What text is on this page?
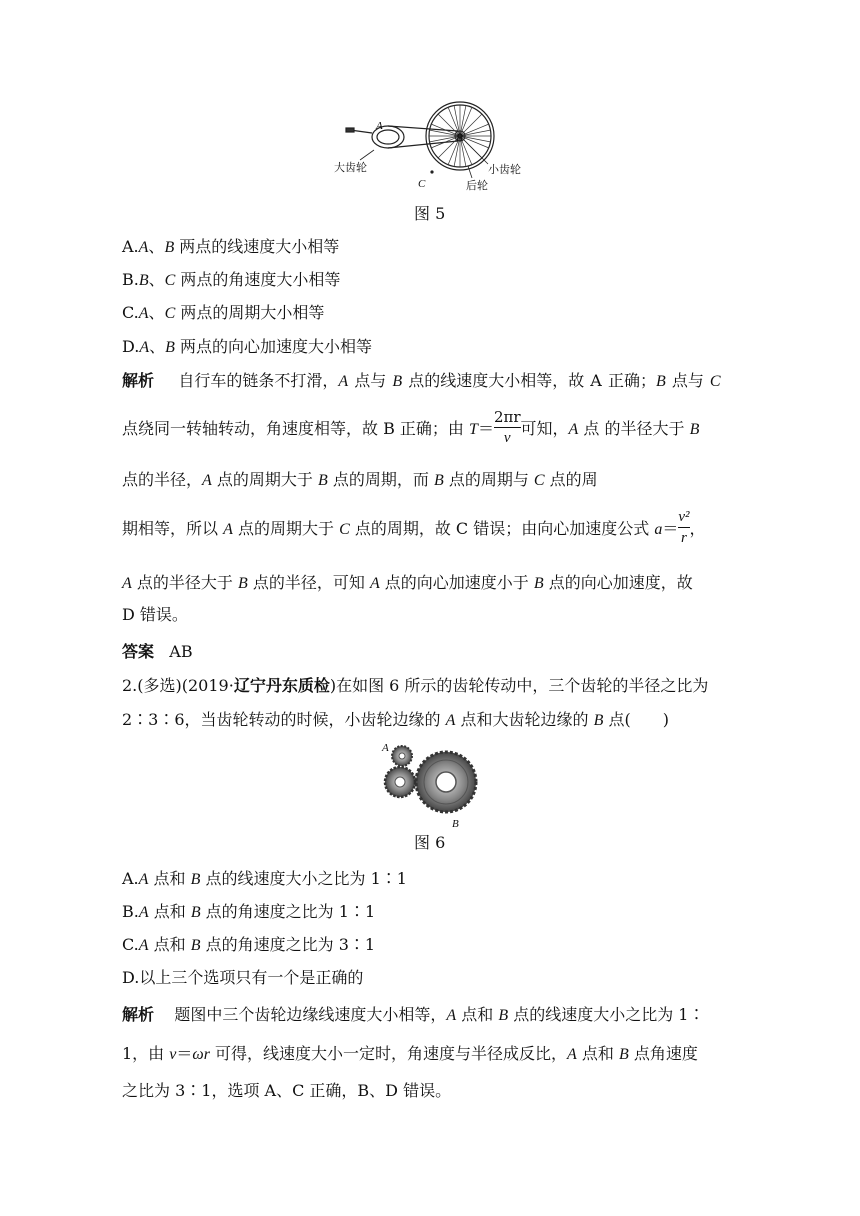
A
B
C
大齿轮	小齿轮
后轮
图 5
A.A、B 两点的线速度大小相等
B.B、C 两点的角速度大小相等
C.A、C 两点的周期大小相等
D.A、B 两点的向心加速度大小相等
解析 自行车的链条不打滑，A 点与 B 点的线速度大小相等，故 A 正确；B 点与 C
点绕同一转轴转动，角速度相等，故 B 正确；由 $T= \frac{2\pi r}{v}$ 可知，A 点 的半径大于 B
点的半径，A 点的周期大于 B 点的周期，而 B 点的周期与 C 点的周
期相等，所以 A 点的周期大于 C 点的周期，故 C 错误；由向心加速度公式 $a= \frac{\text{v²}}{r}$ ，
A 点的半径大于 B 点的半径，可知 A 点的向心加速度小于 B 点的向心加速度，故
D 错误。
答案 AB
2.(多选)(2019·辽宁丹东质检)在如图 6 所示的齿轮传动中，三个齿轮的半径之比为
2∶3∶6，当齿轮转动的时候，小齿轮边缘的 A 点和大齿轮边缘的 B 点(　　)
A
B
图 6
A.A 点和 B 点的线速度大小之比为 1∶1
B.A 点和 B 点的角速度之比为 1∶1
C.A 点和 B 点的角速度之比为 3∶1
D.以上三个选项只有一个是正确的
解析 题图中三个齿轮边缘线速度大小相等，A 点和 B 点的线速度大小之比为 1∶
1，由 v＝ωr 可得，线速度大小一定时，角速度与半径成反比，A 点和 B 点角速度
之比为 3∶1，选项 A、C 正确，B、D 错误。
